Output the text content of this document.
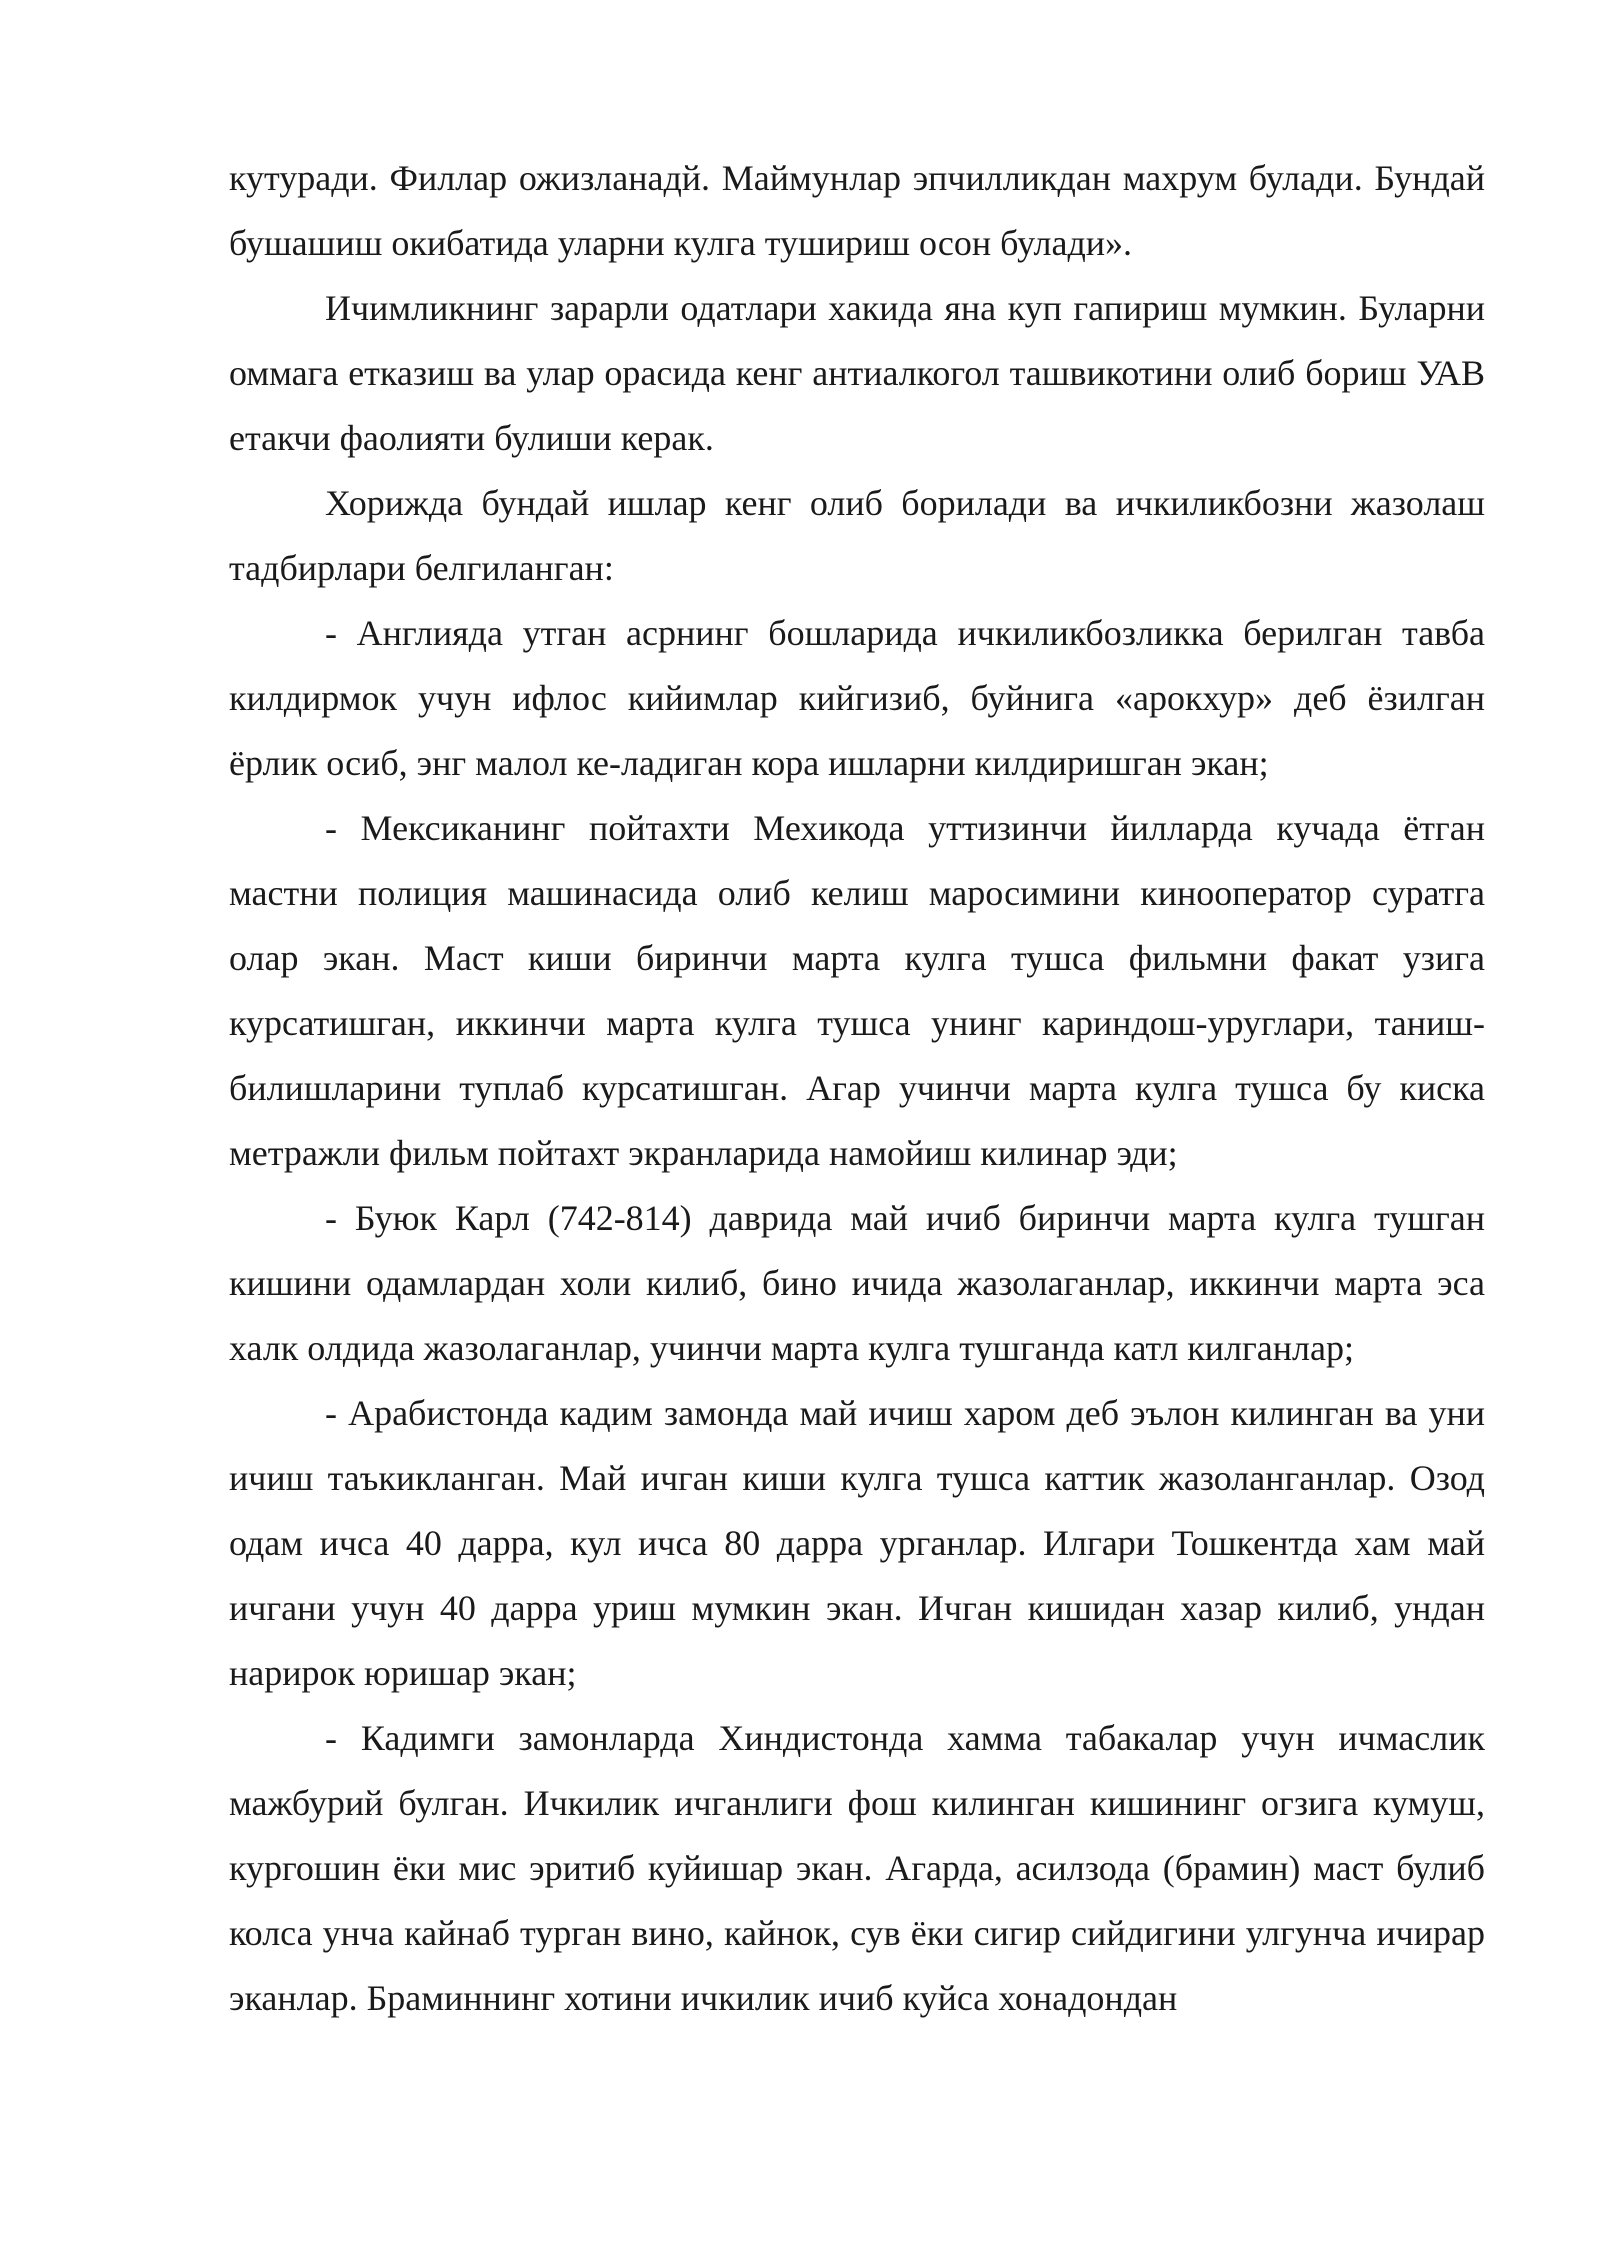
кутуради. Филлар ожизланадй. Маймунлар эпчилликдан махрум булади. Бундай бушашиш окибатида уларни кулга тушириш осон булади».

Ичимликнинг зарарли одатлари хакида яна куп гапириш мумкин. Буларни оммага етказиш ва улар орасида кенг антиалкогол ташвикотини олиб бориш УАВ етакчи фаолияти булиши керак.

Хорижда бундай ишлар кенг олиб борилади ва ичкиликбозни жазолаш тадбирлари белгиланган:

- Англияда утган асрнинг бошларида ичкиликбозликка берилган тавба килдирмок учун ифлос кийимлар кийгизиб, буйнига «арокхур» деб ёзилган ёрлик осиб, энг малол ке-ладиган кора ишларни килдиришган экан;

- Мексиканинг пойтахти Мехикода уттизинчи йилларда кучада ётган мастни полиция машинасида олиб келиш маросимини кинооператор суратга олар экан. Маст киши биринчи марта кулга тушса фильмни факат узига курсатишган, иккинчи марта кулга тушса унинг кариндош-уруглари, таниш-билишларини туплаб курсатишган. Агар учинчи марта кулга тушса бу киска метражли фильм пойтахт экранларида намойиш килинар эди;

- Буюк Карл (742-814) даврида май ичиб биринчи марта кулга тушган кишини одамлардан холи килиб, бино ичида жазолаганлар, иккинчи марта эса халк олдида жазолаганлар, учинчи марта кулга тушганда катл килганлар;

- Арабистонда кадим замонда май ичиш харом деб эълон килинган ва уни ичиш таъкикланган. Май ичган киши кулга тушса каттик жазоланганлар. Озод одам ичса 40 дарра, кул ичса 80 дарра урганлар. Илгари Тошкентда хам май ичгани учун 40 дарра уриш мумкин экан. Ичган кишидан хазар килиб, ундан нарирок юришар экан;

- Кадимги замонларда Хиндистонда хамма табакалар учун ичмаслик мажбурий булган. Ичкилик ичганлиги фош килинган кишининг огзига кумуш, кургошин ёки мис эритиб куйишар экан. Агарда, асилзода (брамин) маст булиб колса унча кайнаб турган вино, кайнок, сув ёки сигир сийдигини улгунча ичирар эканлар. Браминнинг хотини ичкилик ичиб куйса хонадондан
